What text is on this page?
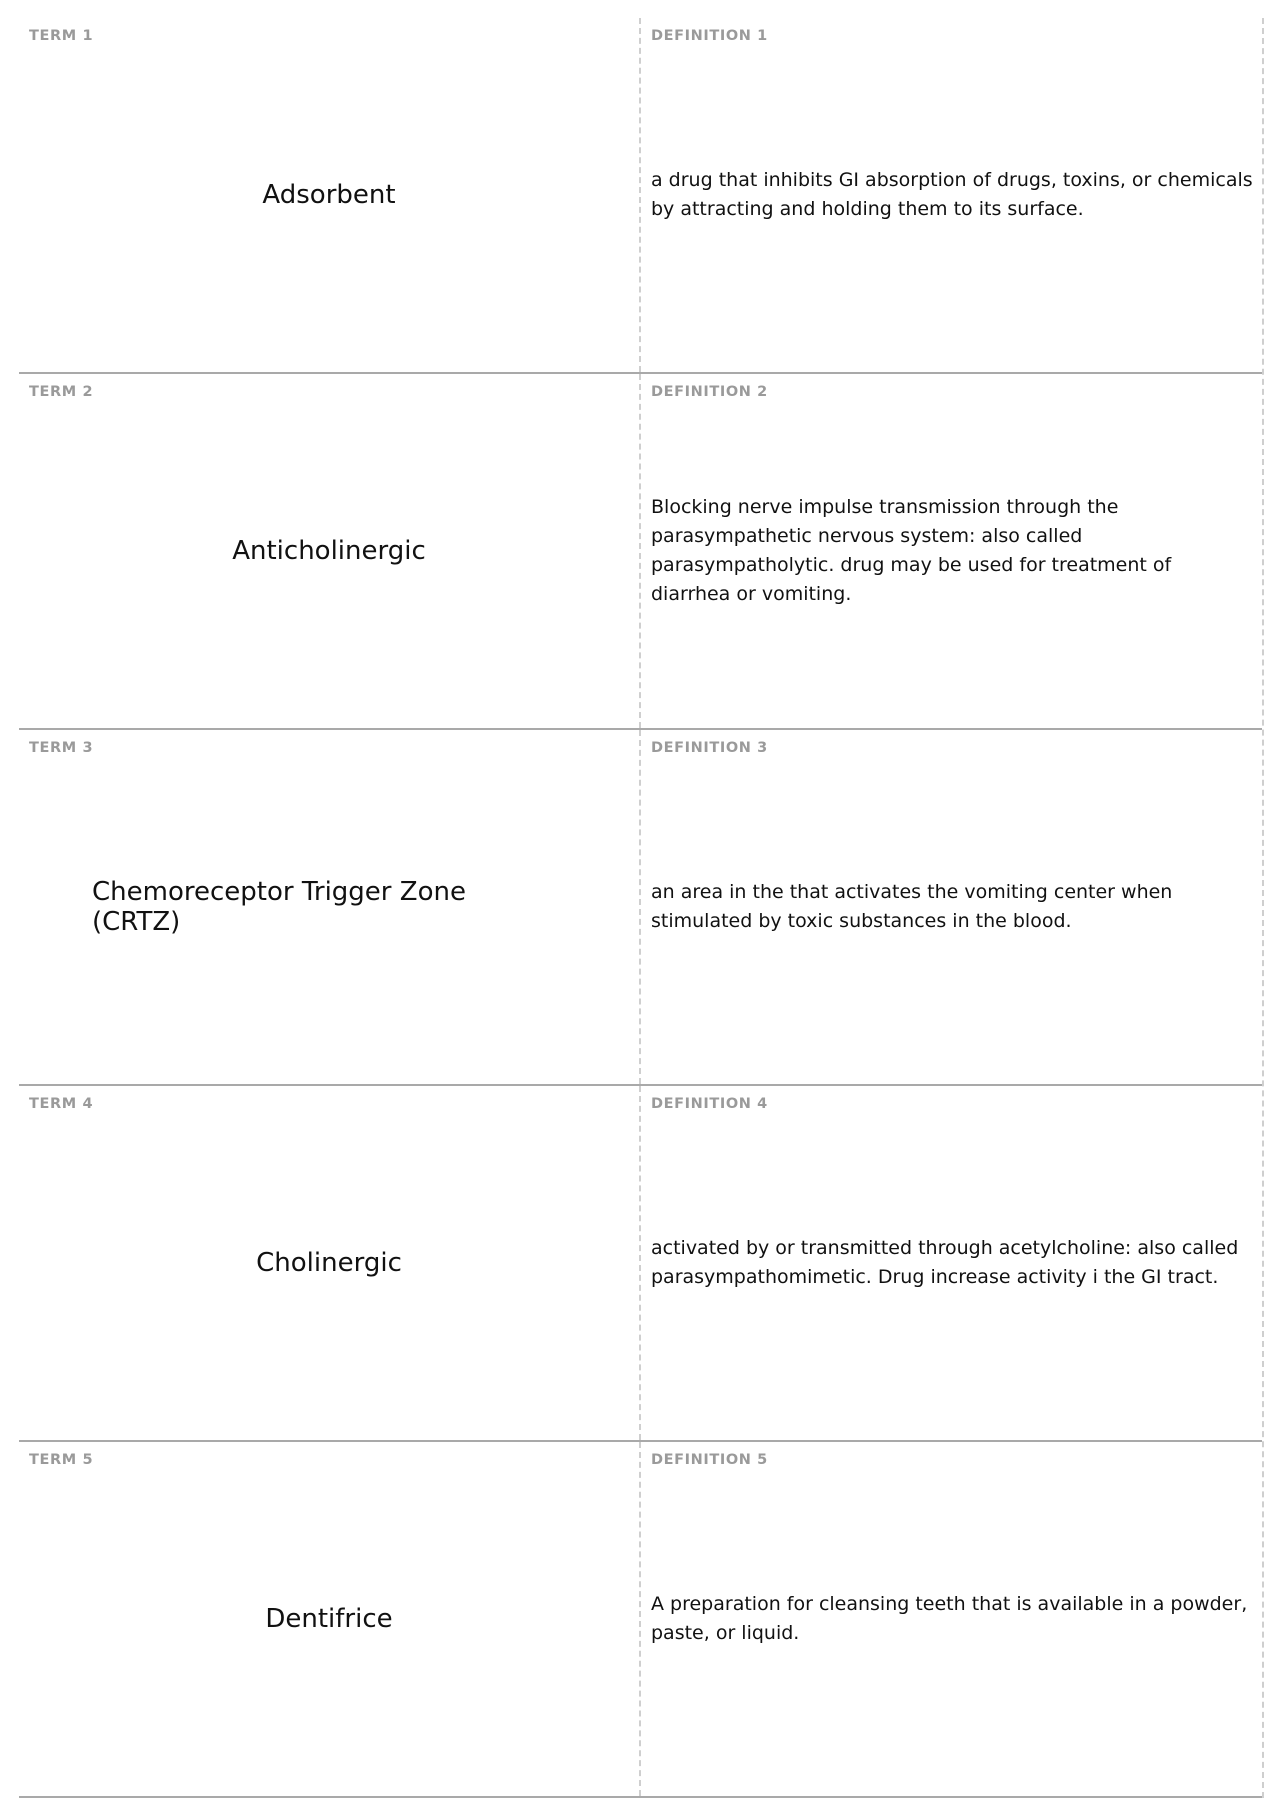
TERM 1
Adsorbent
DEFINITION 1
a drug that inhibits GI absorption of drugs, toxins, or chemicals by attracting and holding them to its surface.
TERM 2
Anticholinergic
DEFINITION 2
Blocking nerve impulse transmission through the parasympathetic nervous system: also called parasympatholytic. drug may be used for treatment of diarrhea or vomiting.
TERM 3
Chemoreceptor Trigger Zone (CRTZ)
DEFINITION 3
an area in the that activates the vomiting center when stimulated by toxic substances in the blood.
TERM 4
Cholinergic
DEFINITION 4
activated by or transmitted through acetylcholine: also called parasympathomimetic. Drug increase activity i the GI tract.
TERM 5
Dentifrice
DEFINITION 5
A preparation for cleansing teeth that is available in a powder, paste, or liquid.
